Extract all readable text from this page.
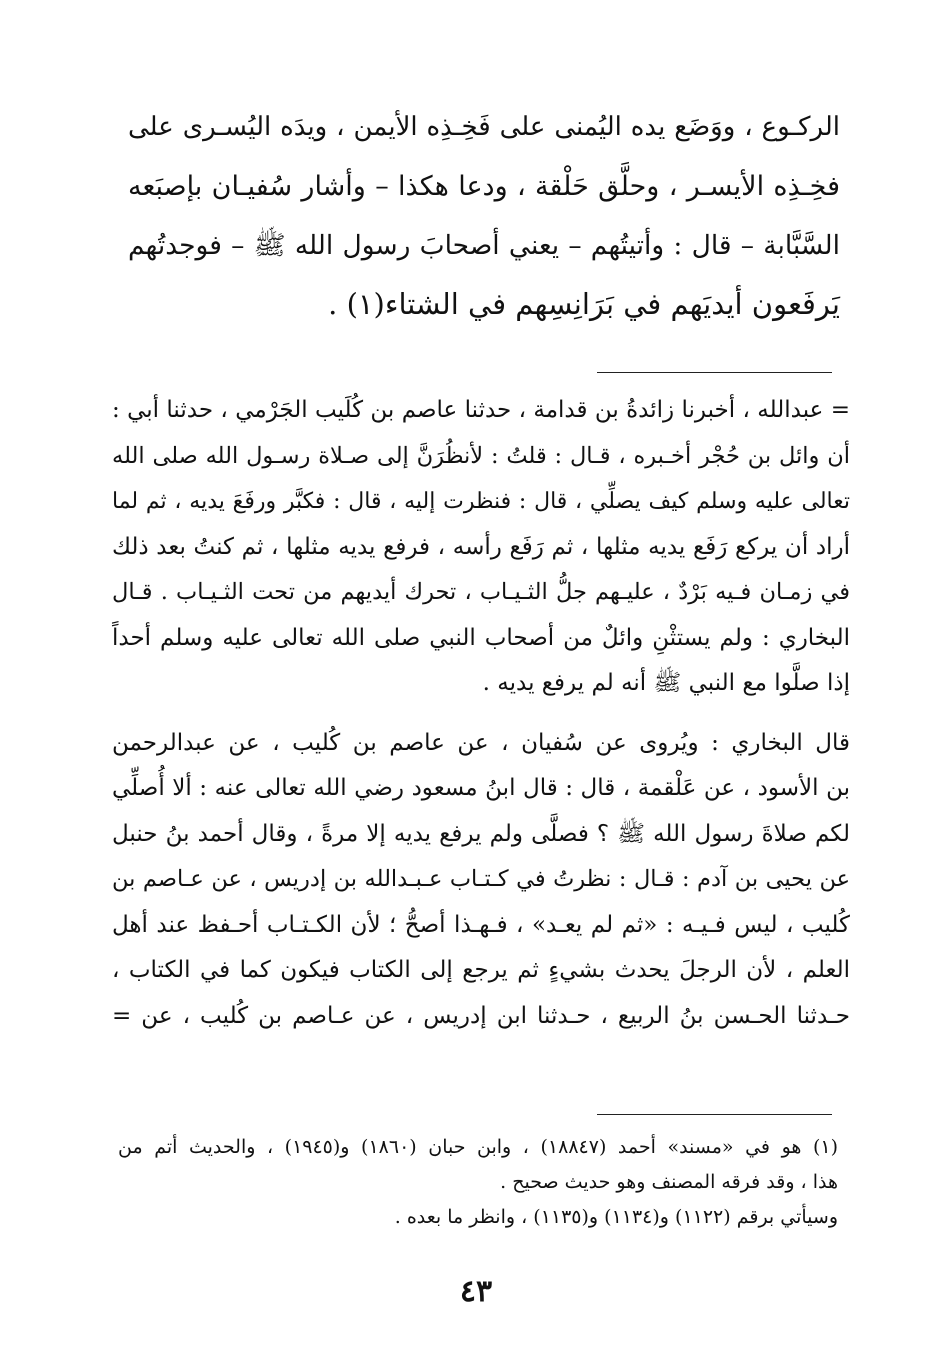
الركـوع ، ووَضَع يده اليُمنى على فَخِـذِه الأيمن ، ويدَه اليُسـرى على
فخِـذِه الأيسـر ، وحلَّق حَلْقة ، ودعا هكذا – وأشار سُفيـان بإصبَعه
السَّبَّابة – قال : وأتيتُهم – يعني أصحابَ رسول الله ﷺ – فوجدتُهم
يَرفَعون أيديَهم في بَرَانِسِهم في الشتاء(١) .
= عبدالله ، أخبرنا زائدةُ بن قدامة ، حدثنا عاصم بن كُلَيب الجَرْمي ، حدثنا أبي :
أن وائل بن حُجْر أخـبره ، قـال : قلتُ : لأنظُرَنَّ إلى صـلاة رسـول الله صلى الله
تعالى عليه وسلم كيف يصلِّي ، قال : فنظرت إليه ، قال : فكبَّر ورفَعَ يديه ، ثم لما
أراد أن يركع رَفَع يديه مثلها ، ثم رَفَع رأسه ، فرفع يديه مثلها ، ثم كنتُ بعد ذلك
في زمـان فـيه بَرْدٌ ، عليـهم جلُّ الثـيـاب ، تحرك أيديهم من تحت الثـيـاب . قـال
البخاري : ولم يستثْنِ وائلٌ من أصحاب النبي صلى الله تعالى عليه وسلم أحداً
إذا صلَّوا مع النبي ﷺ أنه لم يرفع يديه .
قال البخاري : ويُروى عن سُفيان ، عن عاصم بن كُليب ، عن عبدالرحمن
بن الأسود ، عن عَلْقمة ، قال : قال ابنُ مسعود رضي الله تعالى عنه : ألا أُصلِّي
لكم صلاةَ رسول الله ﷺ ؟ فصلَّى ولم يرفع يديه إلا مرةً ، وقال أحمد بنُ حنبل
عن يحيى بن آدم : قـال : نظرتُ في كـتـاب عـبـدالله بن إدريس ، عن عـاصم بن
كُليب ، ليس فـيـه : «ثم لم يعـد» ، فـهـذا أصحُّ ؛ لأن الكـتـاب أحـفظ عند أهل
العلم ، لأن الرجلَ يحدث بشيءٍ ثم يرجع إلى الكتاب فيكون كما في الكتاب ،
حـدثنا الحـسن بنُ الربيع ، حـدثنا ابن إدريس ، عن عـاصم بن كُليب ، عن =
(١) هو في «مسند» أحمد (١٨٨٤٧) ، وابن حبان (١٨٦٠) و(١٩٤٥) ، والحديث أتم من
هذا ، وقد فرقه المصنف وهو حديث صحيح .
وسيأتي برقم (١١٢٢) و(١١٣٤) و(١١٣٥) ، وانظر ما بعده .
٤٣
